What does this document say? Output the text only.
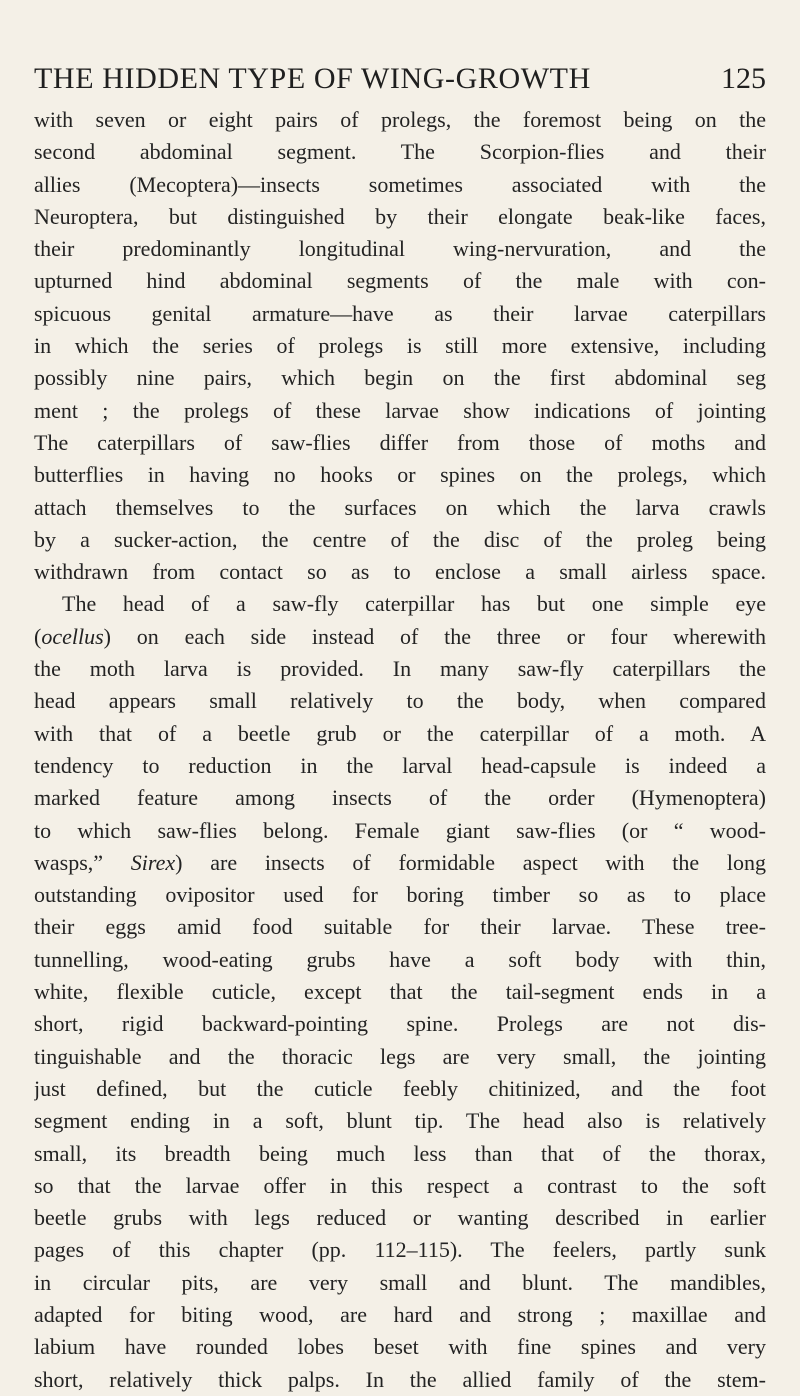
THE HIDDEN TYPE OF WING-GROWTH	125
with seven or eight pairs of prolegs, the foremost being on the
second abdominal segment. The Scorpion-flies and their
allies (Mecoptera)—insects sometimes associated with the
Neuroptera, but distinguished by their elongate beak-like faces,
their predominantly longitudinal wing-nervuration, and the
upturned hind abdominal segments of the male with con-
spicuous genital armature—have as their larvae caterpillars
in which the series of prolegs is still more extensive, including
possibly nine pairs, which begin on the first abdominal seg
ment ; the prolegs of these larvae show indications of jointing
The caterpillars of saw-flies differ from those of moths and
butterflies in having no hooks or spines on the prolegs, which
attach themselves to the surfaces on which the larva crawls
by a sucker-action, the centre of the disc of the proleg being
withdrawn from contact so as to enclose a small airless space.
The head of a saw-fly caterpillar has but one simple eye
(ocellus) on each side instead of the three or four wherewith
the moth larva is provided. In many saw-fly caterpillars the
head appears small relatively to the body, when compared
with that of a beetle grub or the caterpillar of a moth. A
tendency to reduction in the larval head-capsule is indeed a
marked feature among insects of the order (Hymenoptera)
to which saw-flies belong. Female giant saw-flies (or “ wood-
wasps,” Sirex) are insects of formidable aspect with the long
outstanding ovipositor used for boring timber so as to place
their eggs amid food suitable for their larvae. These tree-
tunnelling, wood-eating grubs have a soft body with thin,
white, flexible cuticle, except that the tail-segment ends in a
short, rigid backward-pointing spine. Prolegs are not dis-
tinguishable and the thoracic legs are very small, the jointing
just defined, but the cuticle feebly chitinized, and the foot
segment ending in a soft, blunt tip. The head also is relatively
small, its breadth being much less than that of the thorax,
so that the larvae offer in this respect a contrast to the soft
beetle grubs with legs reduced or wanting described in earlier
pages of this chapter (pp. 112–115). The feelers, partly sunk
in circular pits, are very small and blunt. The mandibles,
adapted for biting wood, are hard and strong ; maxillae and
labium have rounded lobes beset with fine spines and very
short, relatively thick palps. In the allied family of the stem-
